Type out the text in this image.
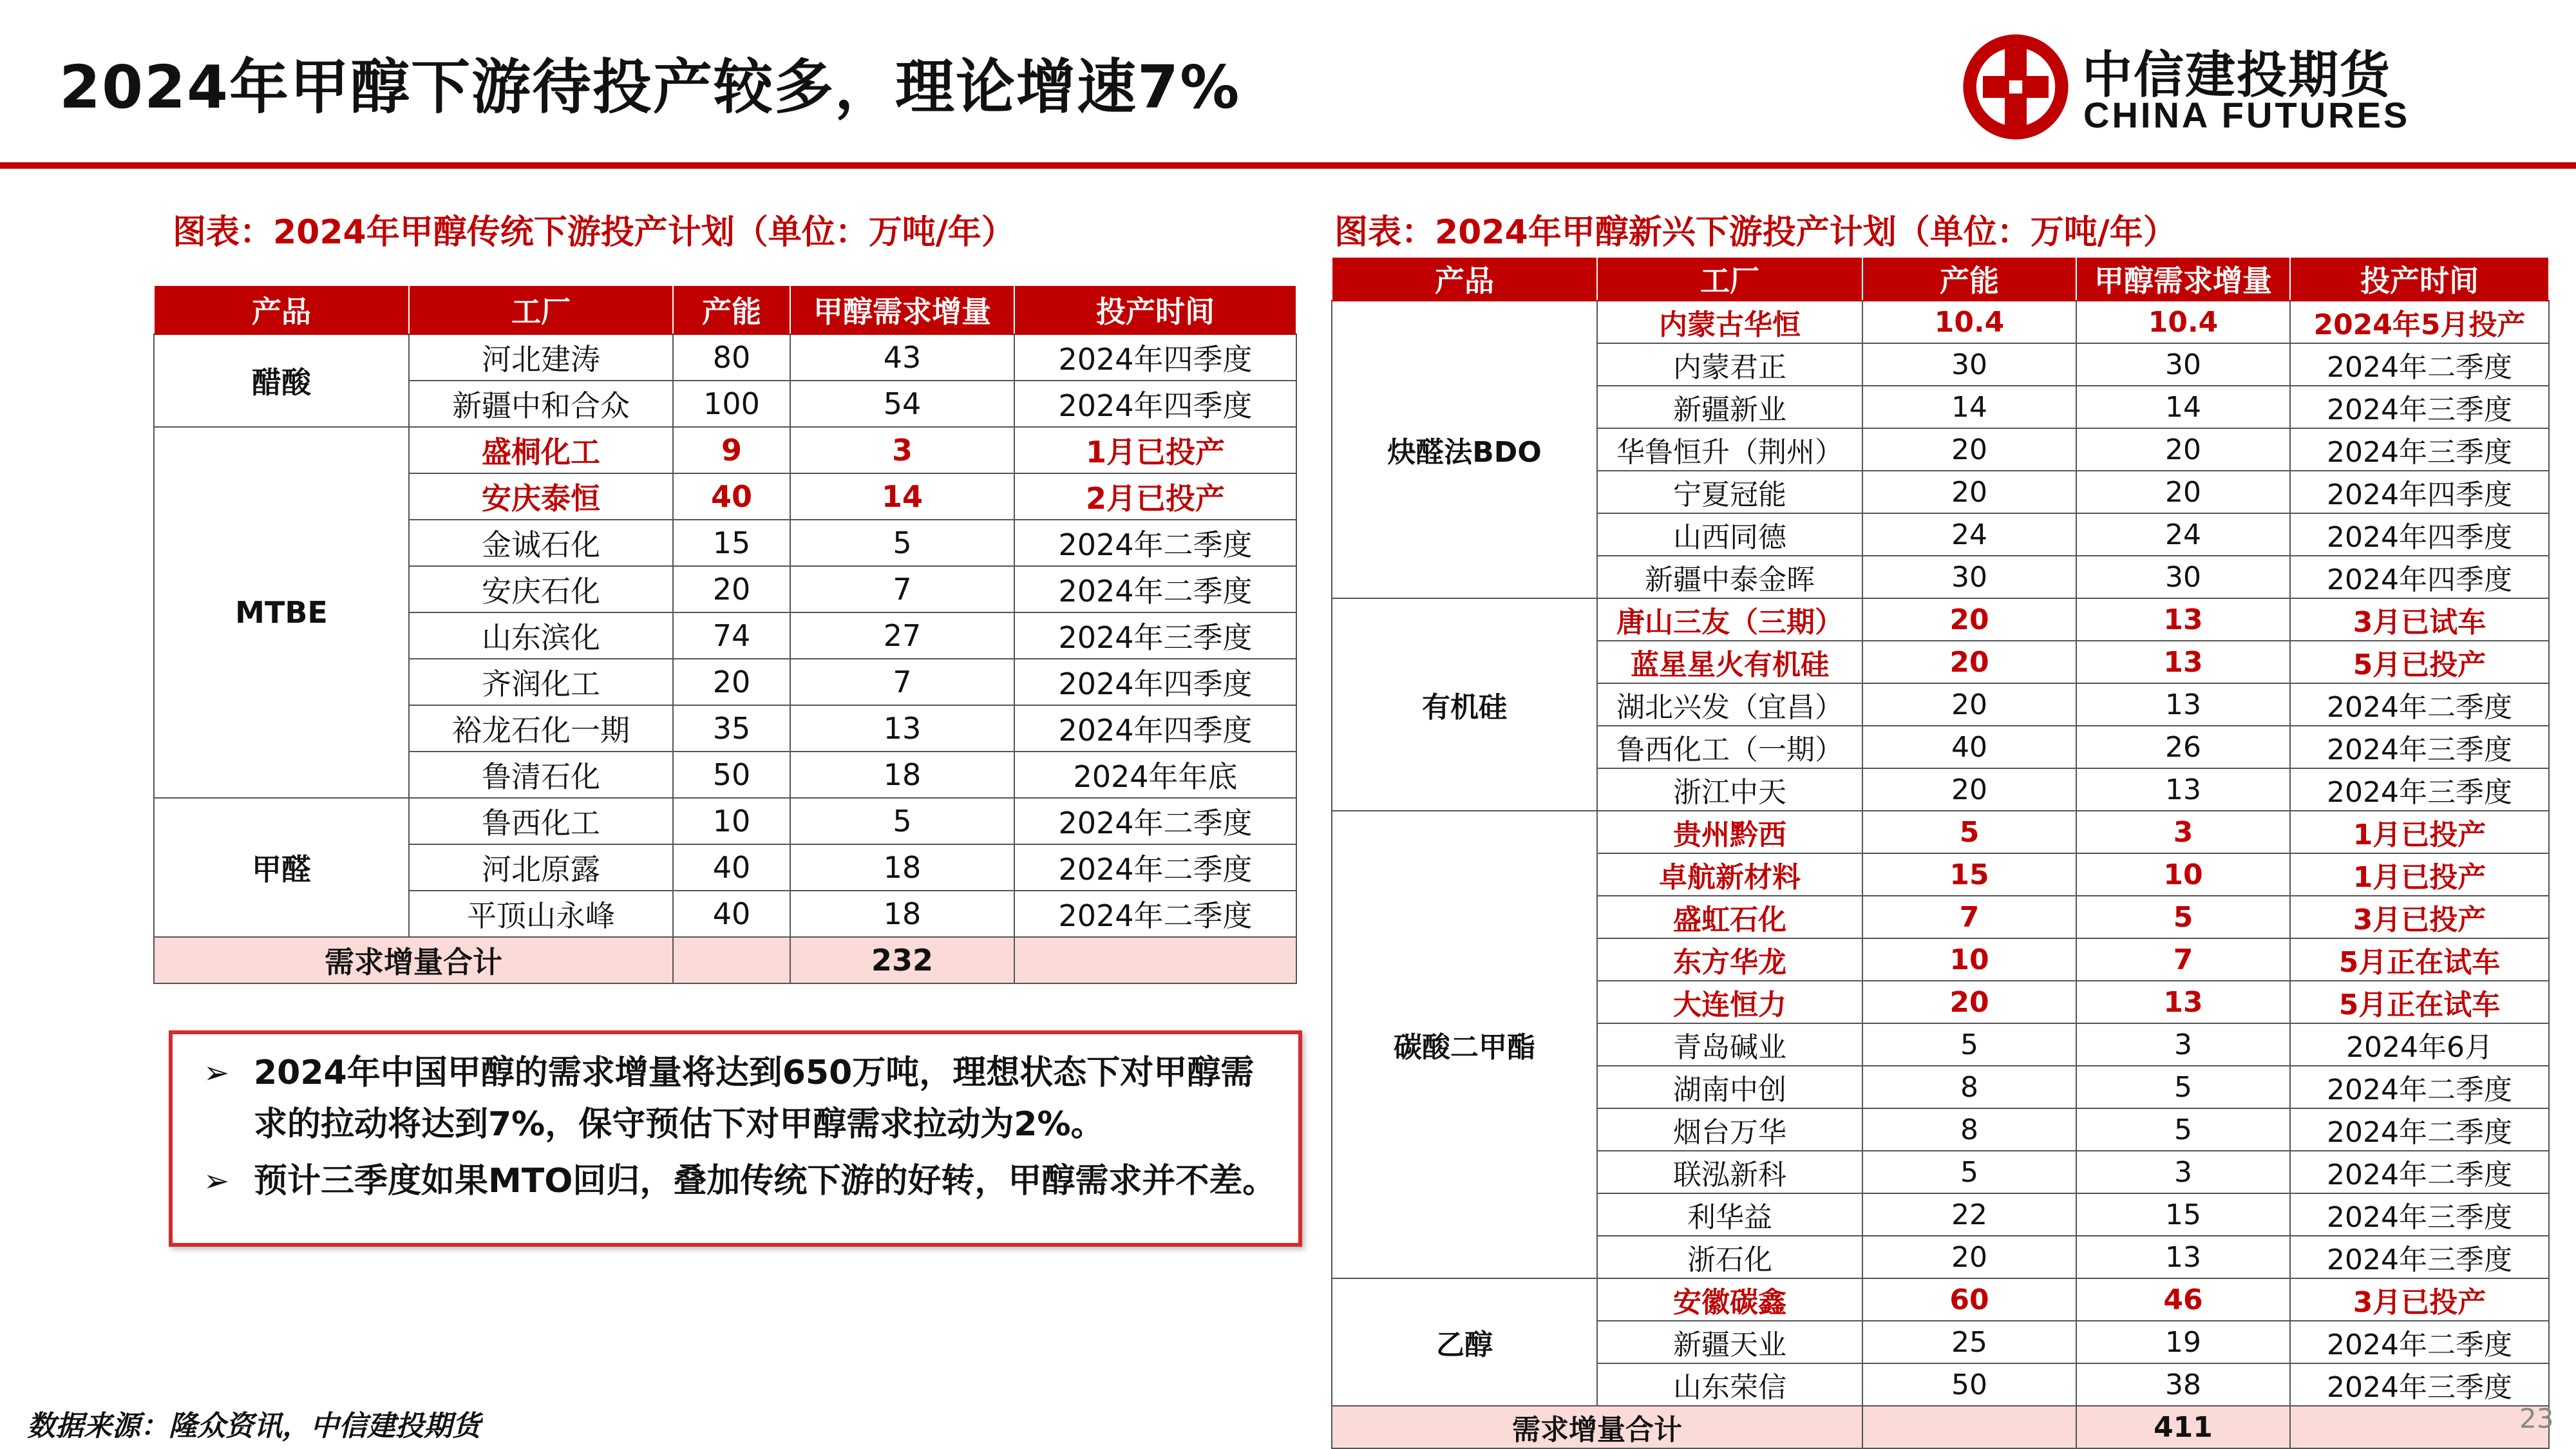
2024年甲醇下游待投产较多，理论增速7%	中信建投期货
CHINA FUTURES
图表：2024年甲醇传统下游投产计划（单位：万吨/年）
产品	工厂	产能	甲醇需求增量	投产时间
醋酸	河北建涛	80	43	2024年四季度
	新疆中和合众	100	54	2024年四季度
MTBE	盛桐化工	9	3	1月已投产
	安庆泰恒	40	14	2月已投产
	金诚石化	15	5	2024年二季度
	安庆石化	20	7	2024年二季度
	山东滨化	74	27	2024年三季度
	齐润化工	20	7	2024年四季度
	裕龙石化一期	35	13	2024年四季度
	鲁清石化	50	18	2024年年底
甲醛	鲁西化工	10	5	2024年二季度
	河北原露	40	18	2024年二季度
	平顶山永峰	40	18	2024年二季度
需求增量合计			232	
➢ 2024年中国甲醇的需求增量将达到650万吨，理想状态下对甲醇需求的拉动将达到7%，保守预估下对甲醇需求拉动为2%。
➢ 预计三季度如果MTO回归，叠加传统下游的好转，甲醇需求并不差。
图表：2024年甲醇新兴下游投产计划（单位：万吨/年）
产品	工厂	产能	甲醇需求增量	投产时间
炔醛法BDO	内蒙古华恒	10.4	10.4	2024年5月投产
	内蒙君正	30	30	2024年二季度
	新疆新业	14	14	2024年三季度
	华鲁恒升（荆州）	20	20	2024年三季度
	宁夏冠能	20	20	2024年四季度
	山西同德	24	24	2024年四季度
	新疆中泰金晖	30	30	2024年四季度
有机硅	唐山三友（三期）	20	13	3月已试车
	蓝星星火有机硅	20	13	5月已投产
	湖北兴发（宜昌）	20	13	2024年二季度
	鲁西化工（一期）	40	26	2024年三季度
	浙江中天	20	13	2024年三季度
碳酸二甲酯	贵州黔西	5	3	1月已投产
	卓航新材料	15	10	1月已投产
	盛虹石化	7	5	3月已投产
	东方华龙	10	7	5月正在试车
	大连恒力	20	13	5月正在试车
	青岛碱业	5	3	2024年6月
	湖南中创	8	5	2024年二季度
	烟台万华	8	5	2024年二季度
	联泓新科	5	3	2024年二季度
	利华益	22	15	2024年三季度
	浙石化	20	13	2024年三季度
乙醇	安徽碳鑫	60	46	3月已投产
	新疆天业	25	19	2024年二季度
	山东荣信	50	38	2024年三季度
需求增量合计			411	
数据来源：隆众资讯，中信建投期货	23
